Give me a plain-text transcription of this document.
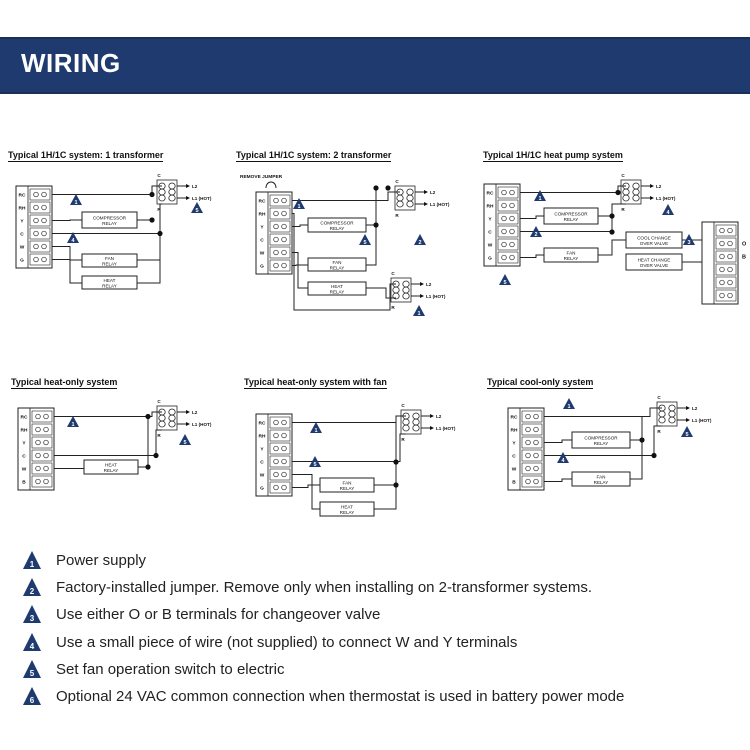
WIRING
Typical 1H/1C system: 1 transformer
RC
RH
Y
C
W
G
C
R
L2
L1 (HOT)
COMPRESSOR
RELAY
FAN
RELAY
HEAT
RELAY
1
4
5
Typical 1H/1C system: 2 transformer
REMOVE JUMPER
RC
RH
Y
C
W
G
C
R
L2
L1 (HOT)
C
R
L2
L1 (HOT)
COMPRESSOR
RELAY
FAN
RELAY
HEAT
RELAY
1
2
5
1
Typical 1H/1C heat pump system
RC
RH
Y
C
W
G
C
R
L2
L1 (HOT)
COMPRESSOR
RELAY
FAN
RELAY
COOL CHANGE
OVER VALVE
HEAT CHANGE
OVER VALVE
O
B
1
2
3
4
5
Typical heat-only system
RC
RH
Y
C
W
B
C
R
L2
L1 (HOT)
HEAT
RELAY
1
5
Typical heat-only system with fan
RC
RH
Y
C
W
G
C
R
L2
L1 (HOT)
FAN
RELAY
HEAT
RELAY
1
5
Typical cool-only system
RC
RH
Y
C
W
B
C
R
L2
L1 (HOT)
COMPRESSOR
RELAY
FAN
RELAY
1
4
5
1 Power supply
2 Factory-installed jumper. Remove only when installing on 2-transformer systems.
3 Use either O or B terminals for changeover valve
4 Use a small piece of wire (not supplied) to connect W and Y terminals
5 Set fan operation switch to electric
6 Optional 24 VAC common connection when thermostat is used in battery power mode
